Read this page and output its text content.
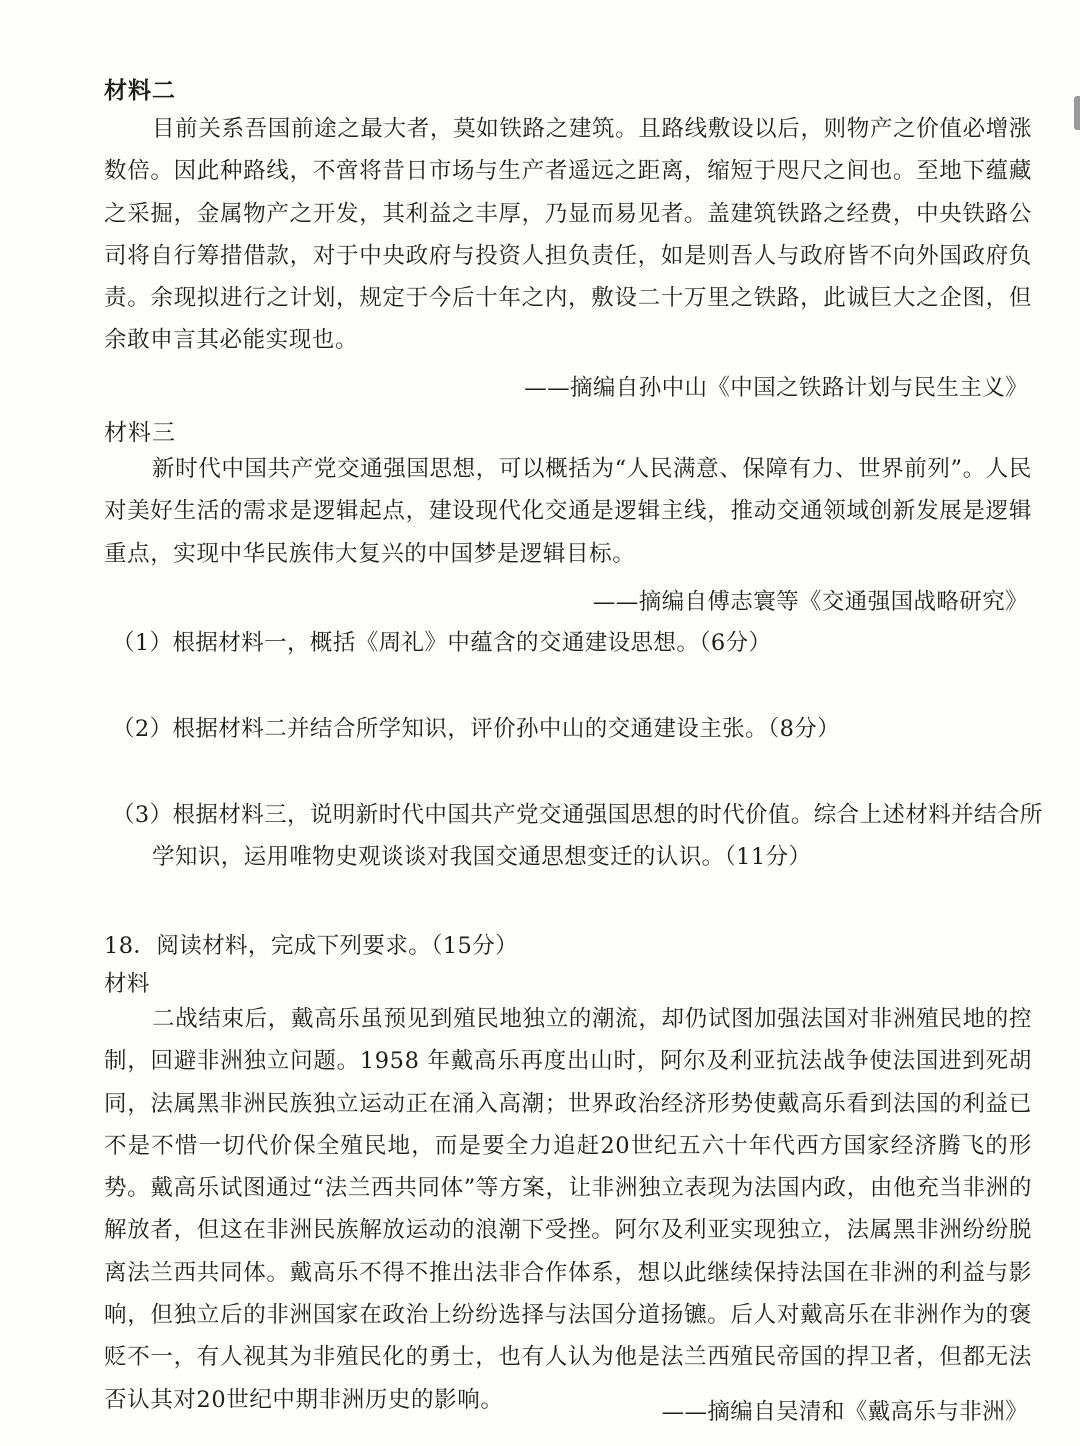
材料二
目前关系吾国前途之最大者，莫如铁路之建筑。且路线敷设以后，则物产之价值必增涨数倍。因此种路线，不啻将昔日市场与生产者遥远之距离，缩短于咫尺之间也。至地下蕴藏之采掘，金属物产之开发，其利益之丰厚，乃显而易见者。盖建筑铁路之经费，中央铁路公司将自行筹措借款，对于中央政府与投资人担负责任，如是则吾人与政府皆不向外国政府负责。余现拟进行之计划，规定于今后十年之内，敷设二十万里之铁路，此诚巨大之企图，但余敢申言其必能实现也。
——摘编自孙中山《中国之铁路计划与民生主义》
材料三
新时代中国共产党交通强国思想，可以概括为“人民满意、保障有力、世界前列”。人民对美好生活的需求是逻辑起点，建设现代化交通是逻辑主线，推动交通领域创新发展是逻辑重点，实现中华民族伟大复兴的中国梦是逻辑目标。
——摘编自傅志寰等《交通强国战略研究》
（1）根据材料一，概括《周礼》中蕴含的交通建设思想。（6分）
（2）根据材料二并结合所学知识，评价孙中山的交通建设主张。（8分）
（3）根据材料三，说明新时代中国共产党交通强国思想的时代价值。综合上述材料并结合所学知识，运用唯物史观谈谈对我国交通思想变迁的认识。（11分）
18．阅读材料，完成下列要求。（15分）
材料
二战结束后，戴高乐虽预见到殖民地独立的潮流，却仍试图加强法国对非洲殖民地的控制，回避非洲独立问题。1958 年戴高乐再度出山时，阿尔及利亚抗法战争使法国进到死胡同，法属黑非洲民族独立运动正在涌入高潮；世界政治经济形势使戴高乐看到法国的利益已不是不惜一切代价保全殖民地，而是要全力追赶20世纪五六十年代西方国家经济腾飞的形势。戴高乐试图通过“法兰西共同体”等方案，让非洲独立表现为法国内政，由他充当非洲的解放者，但这在非洲民族解放运动的浪潮下受挫。阿尔及利亚实现独立，法属黑非洲纷纷脱离法兰西共同体。戴高乐不得不推出法非合作体系，想以此继续保持法国在非洲的利益与影响，但独立后的非洲国家在政治上纷纷选择与法国分道扬镳。后人对戴高乐在非洲作为的褒贬不一，有人视其为非殖民化的勇士，也有人认为他是法兰西殖民帝国的捍卫者，但都无法否认其对20世纪中期非洲历史的影响。	——摘编自吴清和《戴高乐与非洲》
